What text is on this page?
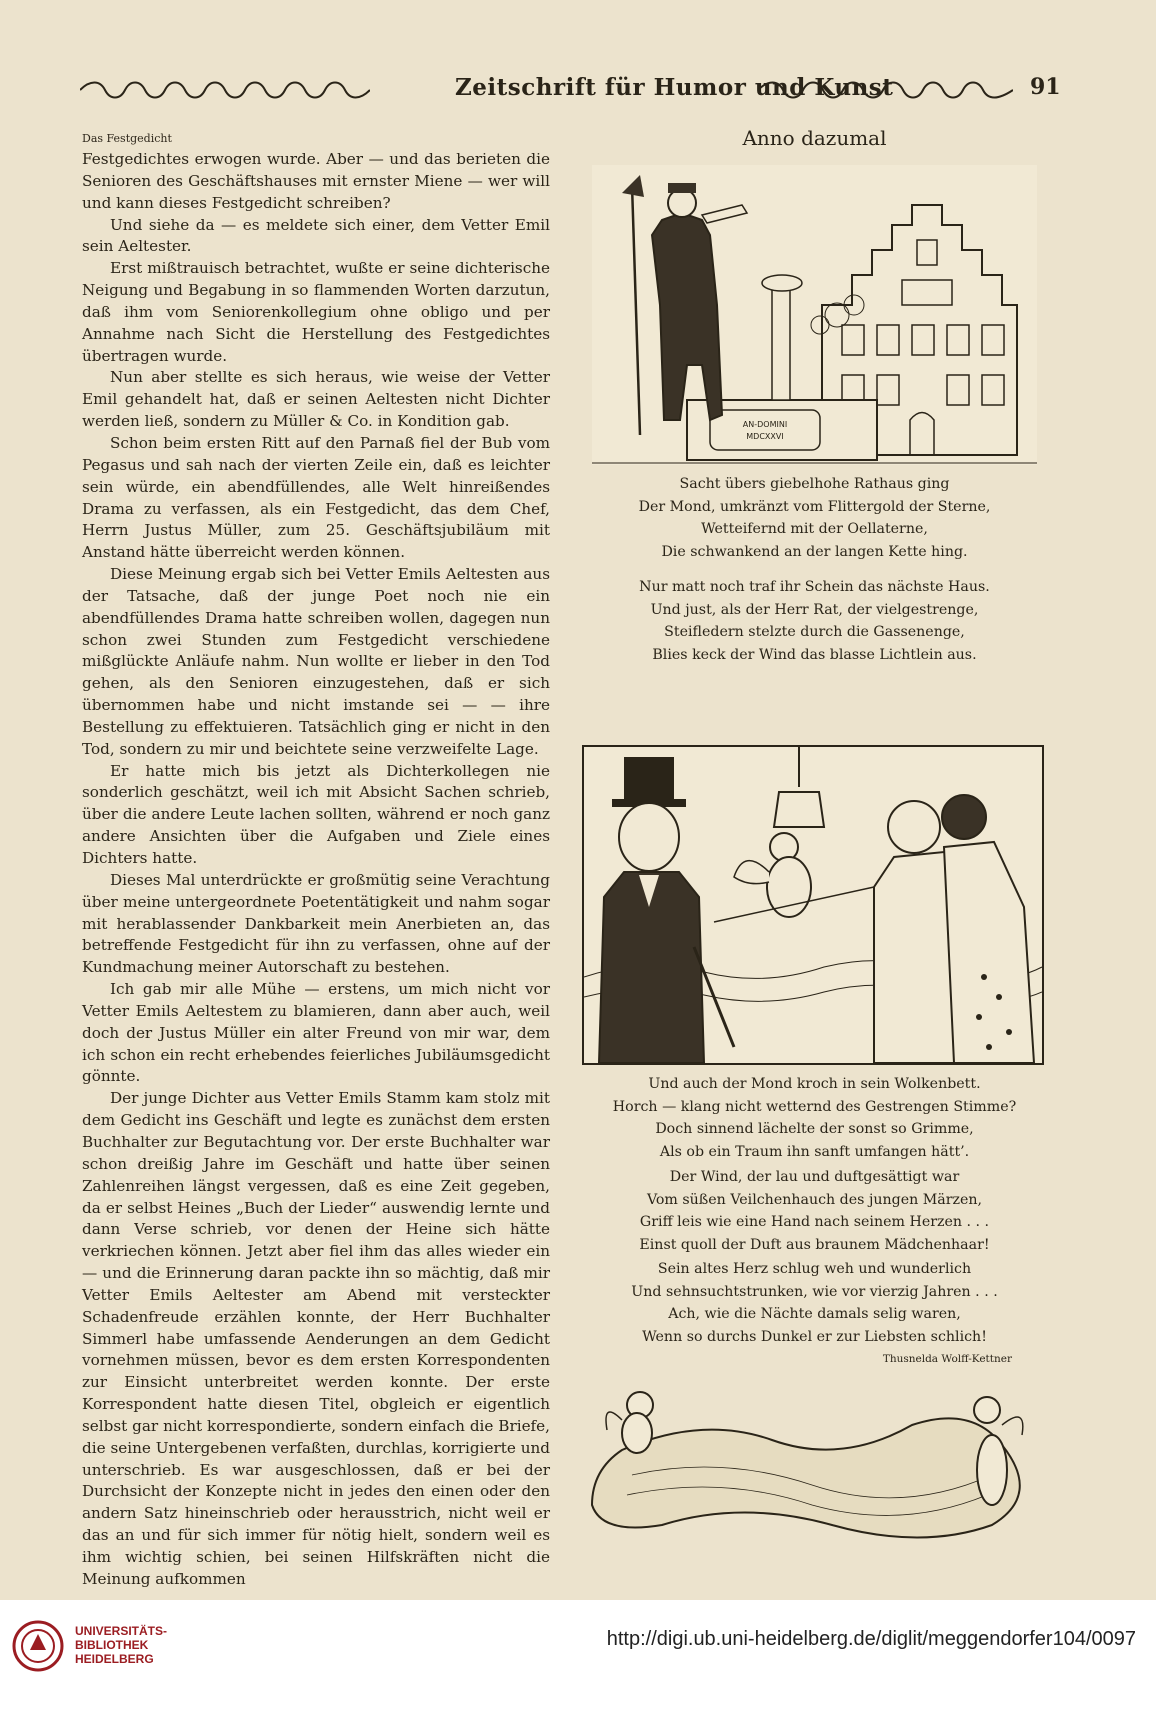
Zeitschrift für Humor und Kunst	91
Das Festgedicht

Festgedichtes erwogen wurde. Aber — und das berieten die Senioren des Geschäftshauses mit ernster Miene — wer will und kann dieses Festgedicht schreiben?

Und siehe da — es meldete sich einer, dem Vetter Emil sein Aeltester.

Erst mißtrauisch betrachtet, wußte er seine dichterische Neigung und Begabung in so flammenden Worten darzutun, daß ihm vom Seniorenkollegium ohne obligo und per Annahme nach Sicht die Herstellung des Festgedichtes übertragen wurde.

Nun aber stellte es sich heraus, wie weise der Vetter Emil gehandelt hat, daß er seinen Aeltesten nicht Dichter werden ließ, sondern zu Müller & Co. in Kondition gab.

Schon beim ersten Ritt auf den Parnaß fiel der Bub vom Pegasus und sah nach der vierten Zeile ein, daß es leichter sein würde, ein abendfüllendes, alle Welt hinreißendes Drama zu verfassen, als ein Festgedicht, das dem Chef, Herrn Justus Müller, zum 25. Geschäftsjubiläum mit Anstand hätte überreicht werden können.

Diese Meinung ergab sich bei Vetter Emils Aeltesten aus der Tatsache, daß der junge Poet noch nie ein abendfüllendes Drama hatte schreiben wollen, dagegen nun schon zwei Stunden zum Festgedicht verschiedene mißglückte Anläufe nahm. Nun wollte er lieber in den Tod gehen, als den Senioren einzugestehen, daß er sich übernommen habe und nicht imstande sei — — ihre Bestellung zu effektuieren. Tatsächlich ging er nicht in den Tod, sondern zu mir und beichtete seine verzweifelte Lage.

Er hatte mich bis jetzt als Dichterkollegen nie sonderlich geschätzt, weil ich mit Absicht Sachen schrieb, über die andere Leute lachen sollten, während er noch ganz andere Ansichten über die Aufgaben und Ziele eines Dichters hatte.

Dieses Mal unterdrückte er großmütig seine Verachtung über meine untergeordnete Poetentätigkeit und nahm sogar mit herablassender Dankbarkeit mein Anerbieten an, das betreffende Festgedicht für ihn zu verfassen, ohne auf der Kundmachung meiner Autorschaft zu bestehen.

Ich gab mir alle Mühe — erstens, um mich nicht vor Vetter Emils Aeltestem zu blamieren, dann aber auch, weil doch der Justus Müller ein alter Freund von mir war, dem ich schon ein recht erhebendes feierliches Jubiläumsgedicht gönnte.

Der junge Dichter aus Vetter Emils Stamm kam stolz mit dem Gedicht ins Geschäft und legte es zunächst dem ersten Buchhalter zur Begutachtung vor. Der erste Buchhalter war schon dreißig Jahre im Geschäft und hatte über seinen Zahlenreihen längst vergessen, daß es eine Zeit gegeben, da er selbst Heines „Buch der Lieder“ auswendig lernte und dann Verse schrieb, vor denen der Heine sich hätte verkriechen können. Jetzt aber fiel ihm das alles wieder ein — und die Erinnerung daran packte ihn so mächtig, daß mir Vetter Emils Aeltester am Abend mit versteckter Schadenfreude erzählen konnte, der Herr Buchhalter Simmerl habe umfassende Aenderungen an dem Gedicht vornehmen müssen, bevor es dem ersten Korrespondenten zur Einsicht unterbreitet werden konnte. Der erste Korrespondent hatte diesen Titel, obgleich er eigentlich selbst gar nicht korrespondierte, sondern einfach die Briefe, die seine Untergebenen verfaßten, durchlas, korrigierte und unterschrieb. Es war ausgeschlossen, daß er bei der Durchsicht der Konzepte nicht in jedes den einen oder den andern Satz hineinschrieb oder herausstrich, nicht weil er das an und für sich immer für nötig hielt, sondern weil es ihm wichtig schien, bei seinen Hilfskräften nicht die Meinung aufkommen

Anno dazumal
AN-DOMINI
MDCXXVI
Sacht übers giebelhohe Rathaus ging
Der Mond, umkränzt vom Flittergold der Sterne,
Wetteifernd mit der Oellaterne,
Die schwankend an der langen Kette hing.
Nur matt noch traf ihr Schein das nächste Haus.
Und just, als der Herr Rat, der vielgestrenge,
Steifledern stelzte durch die Gassenenge,
Blies keck der Wind das blasse Lichtlein aus.
Und auch der Mond kroch in sein Wolkenbett.
Horch — klang nicht wetternd des Gestrengen Stimme?
Doch sinnend lächelte der sonst so Grimme,
Als ob ein Traum ihn sanft umfangen hätt’.
Der Wind, der lau und duftgesättigt war
Vom süßen Veilchenhauch des jungen Märzen,
Griff leis wie eine Hand nach seinem Herzen . . .
Einst quoll der Duft aus braunem Mädchenhaar!
Sein altes Herz schlug weh und wunderlich
Und sehnsuchtstrunken, wie vor vierzig Jahren . . .
Ach, wie die Nächte damals selig waren,
Wenn so durchs Dunkel er zur Liebsten schlich!
Thusnelda Wolff-Kettner
UNIVERSITÄTS-
BIBLIOTHEK
HEIDELBERG
http://digi.ub.uni-heidelberg.de/diglit/meggendorfer104/0097
